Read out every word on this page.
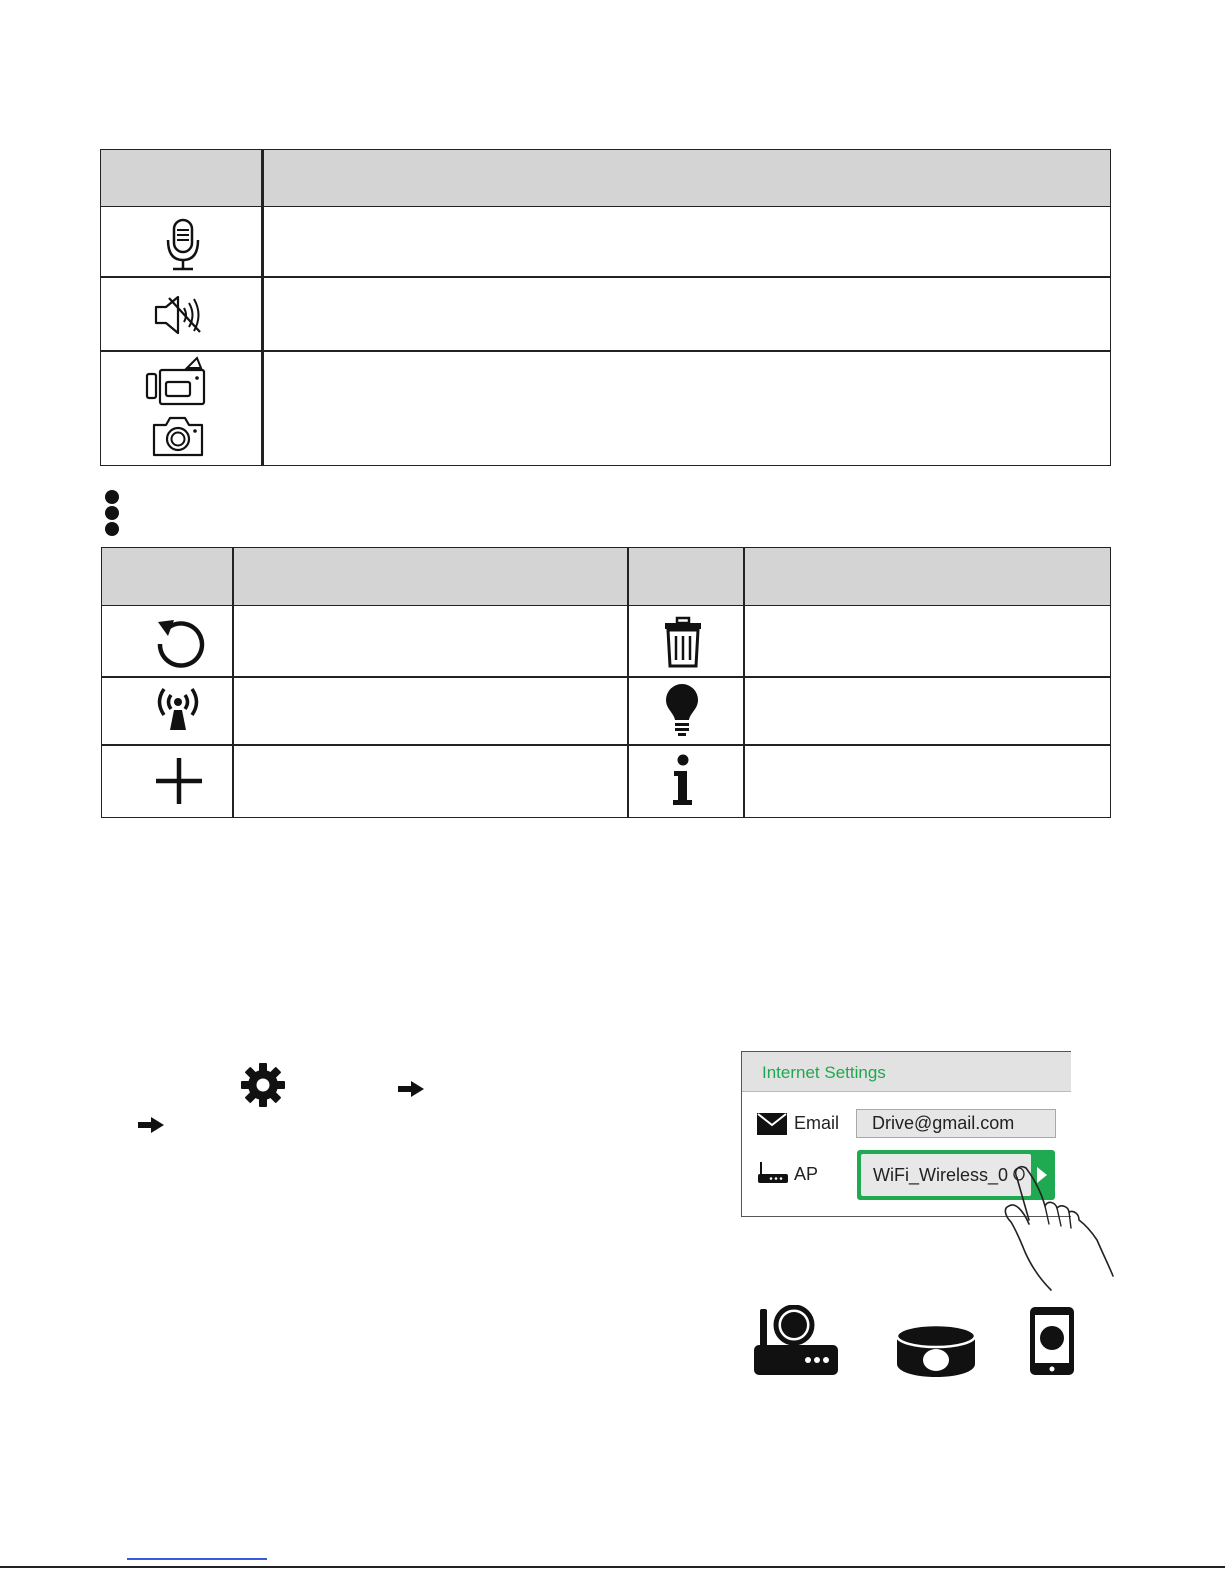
Internet Settings
Email	Drive@gmail.com
AP	WiFi_Wireless_0
